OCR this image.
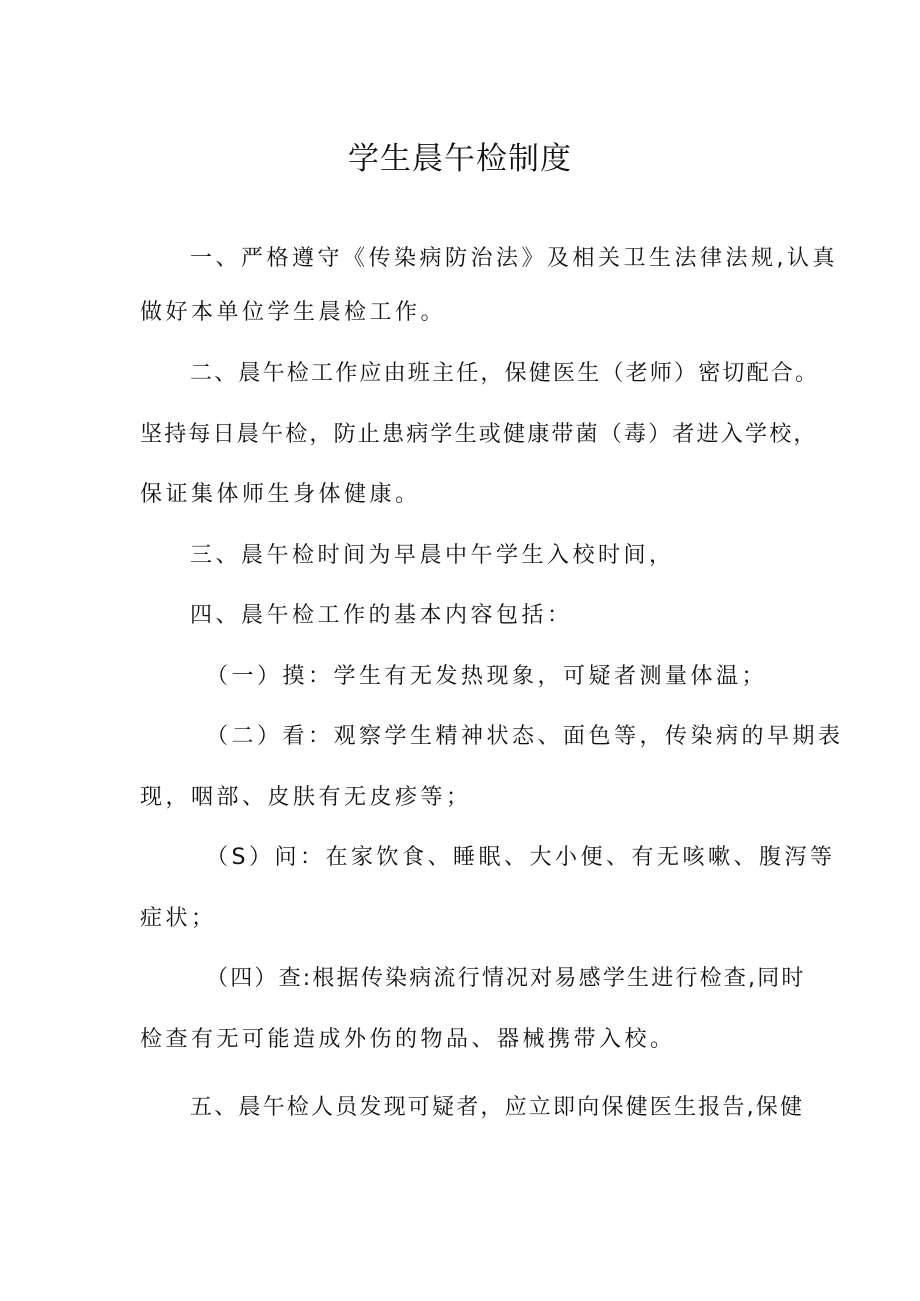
学生晨午检制度
一、严格遵守《传染病防治法》及相关卫生法律法规,认真
做好本单位学生晨检工作。
二、晨午检工作应由班主任，保健医生（老师）密切配合。
坚持每日晨午检，防止患病学生或健康带菌（毒）者进入学校，
保证集体师生身体健康。
三、晨午检时间为早晨中午学生入校时间，
四、晨午检工作的基本内容包括：
（一）摸：学生有无发热现象，可疑者测量体温；
（二）看：观察学生精神状态、面色等，传染病的早期表
现，咽部、皮肤有无皮疹等；
（S）问：在家饮食、睡眠、大小便、有无咳嗽、腹泻等
症状；
（四）查:根据传染病流行情况对易感学生进行检查,同时
检查有无可能造成外伤的物品、器械携带入校。
五、晨午检人员发现可疑者，应立即向保健医生报告,保健
